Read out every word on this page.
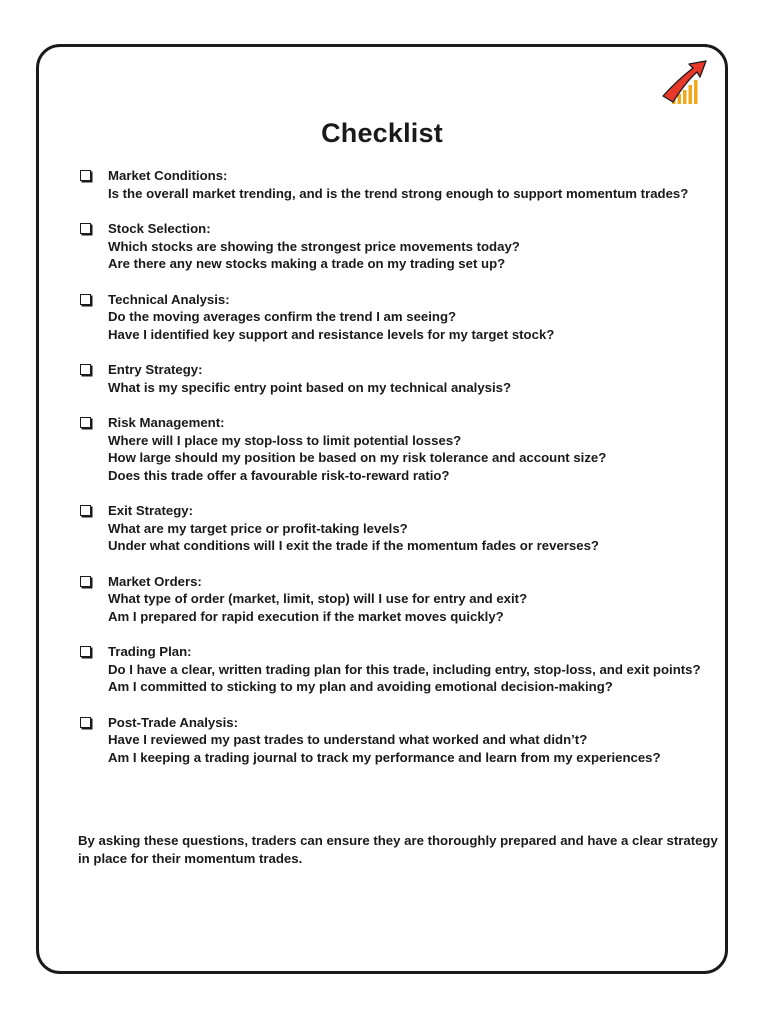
Checklist
Market Conditions:
Is the overall market trending, and is the trend strong enough to support momentum trades?
Stock Selection:
Which stocks are showing the strongest price movements today?
Are there any new stocks making a trade on my trading set up?
Technical Analysis:
Do the moving averages confirm the trend I am seeing?
Have I identified key support and resistance levels for my target stock?
Entry Strategy:
What is my specific entry point based on my technical analysis?
Risk Management:
Where will I place my stop-loss to limit potential losses?
How large should my position be based on my risk tolerance and account size?
Does this trade offer a favourable risk-to-reward ratio?
Exit Strategy:
What are my target price or profit-taking levels?
Under what conditions will I exit the trade if the momentum fades or reverses?
Market Orders:
What type of order (market, limit, stop) will I use for entry and exit?
Am I prepared for rapid execution if the market moves quickly?
Trading Plan:
Do I have a clear, written trading plan for this trade, including entry, stop-loss, and exit points?
Am I committed to sticking to my plan and avoiding emotional decision-making?
Post-Trade Analysis:
Have I reviewed my past trades to understand what worked and what didn’t?
Am I keeping a trading journal to track my performance and learn from my experiences?

By asking these questions, traders can ensure they are thoroughly prepared and have a clear strategy in place for their momentum trades.
